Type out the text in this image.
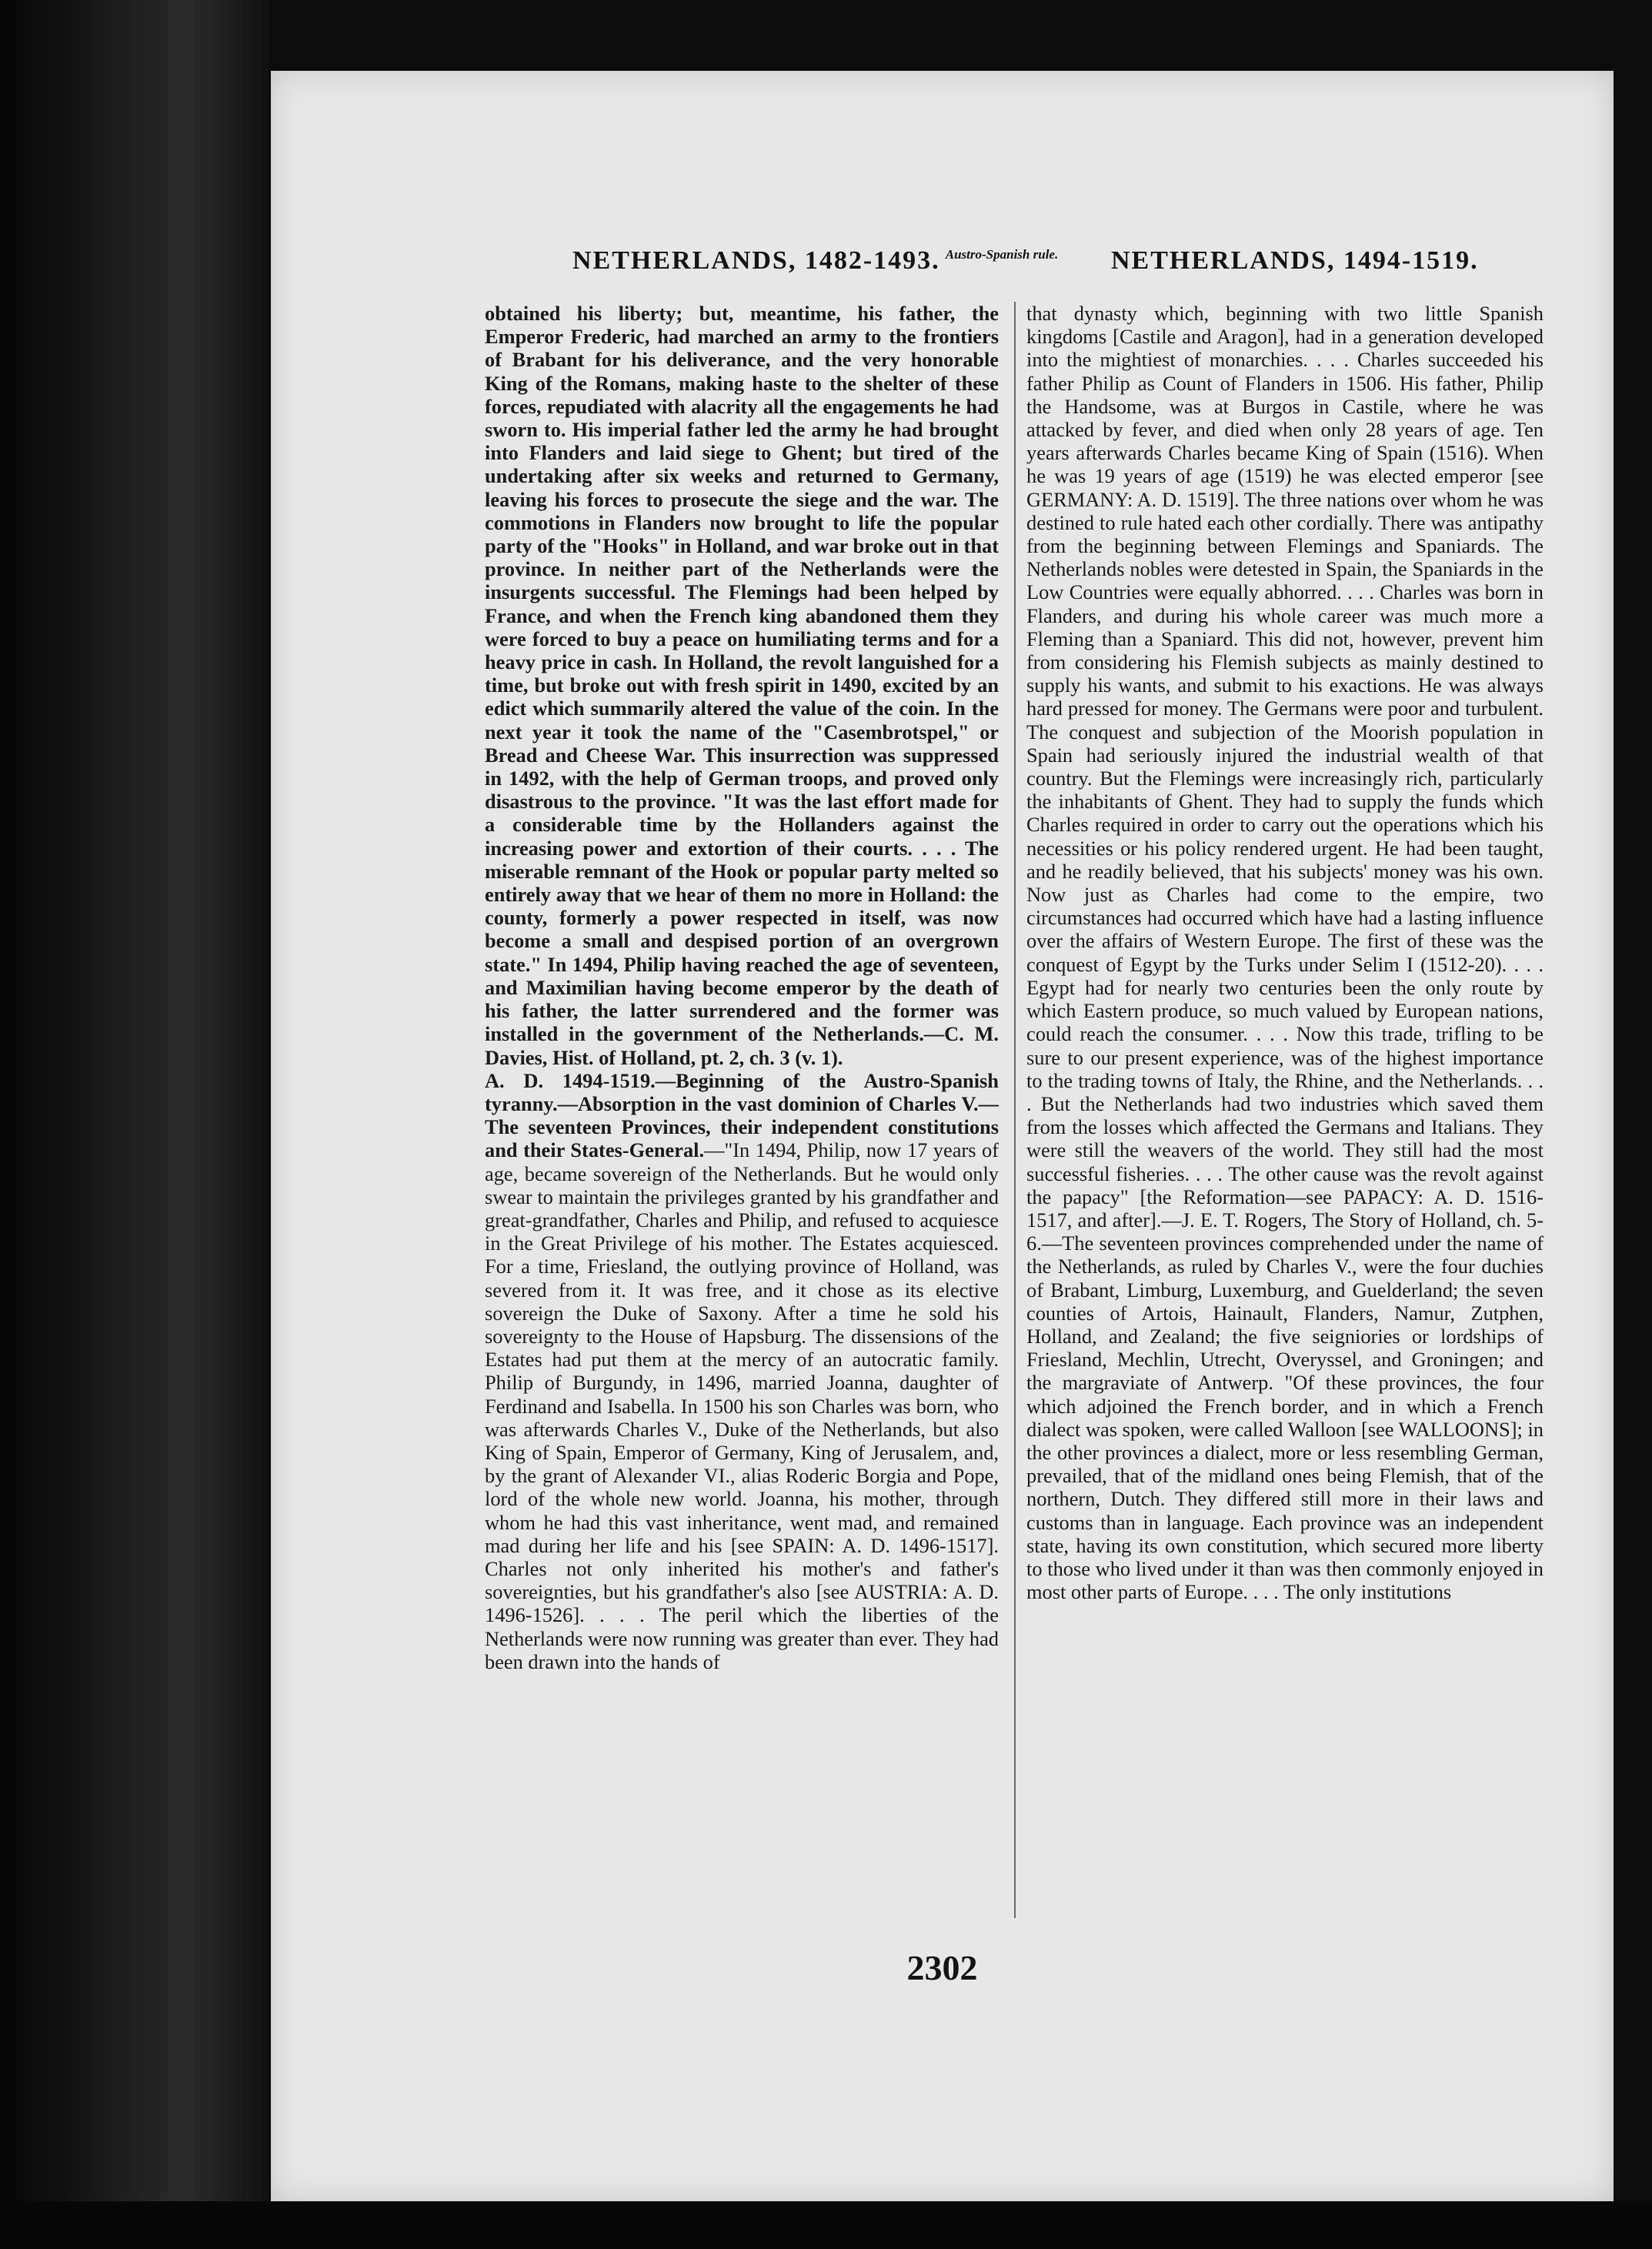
NETHERLANDS, 1482-1493. Austro-Spanish rule.	NETHERLANDS, 1494-1519.

obtained his liberty; but, meantime, his father, the Emperor Frederic, had marched an army to the frontiers of Brabant for his deliverance, and the very honorable King of the Romans, making haste to the shelter of these forces, repudiated with alacrity all the engagements he had sworn to. His imperial father led the army he had brought into Flanders and laid siege to Ghent; but tired of the undertaking after six weeks and returned to Germany, leaving his forces to prosecute the siege and the war. The commotions in Flanders now brought to life the popular party of the "Hooks" in Holland, and war broke out in that province. In neither part of the Netherlands were the insurgents successful. The Flemings had been helped by France, and when the French king abandoned them they were forced to buy a peace on humiliating terms and for a heavy price in cash. In Holland, the revolt languished for a time, but broke out with fresh spirit in 1490, excited by an edict which summarily altered the value of the coin. In the next year it took the name of the "Casembrotspel," or Bread and Cheese War. This insurrection was suppressed in 1492, with the help of German troops, and proved only disastrous to the province. "It was the last effort made for a considerable time by the Hollanders against the increasing power and extortion of their courts. . . . The miserable remnant of the Hook or popular party melted so entirely away that we hear of them no more in Holland: the county, formerly a power respected in itself, was now become a small and despised portion of an overgrown state." In 1494, Philip having reached the age of seventeen, and Maximilian having become emperor by the death of his father, the latter surrendered and the former was installed in the government of the Netherlands.—C. M. Davies, Hist. of Holland, pt. 2, ch. 3 (v. 1).

A. D. 1494-1519.—Beginning of the Austro-Spanish tyranny.—Absorption in the vast dominion of Charles V.—The seventeen Provinces, their independent constitutions and their States-General.—"In 1494, Philip, now 17 years of age, became sovereign of the Netherlands. But he would only swear to maintain the privileges granted by his grandfather and great-grandfather, Charles and Philip, and refused to acquiesce in the Great Privilege of his mother. The Estates acquiesced. For a time, Friesland, the outlying province of Holland, was severed from it. It was free, and it chose as its elective sovereign the Duke of Saxony. After a time he sold his sovereignty to the House of Hapsburg. The dissensions of the Estates had put them at the mercy of an autocratic family. Philip of Burgundy, in 1496, married Joanna, daughter of Ferdinand and Isabella. In 1500 his son Charles was born, who was afterwards Charles V., Duke of the Netherlands, but also King of Spain, Emperor of Germany, King of Jerusalem, and, by the grant of Alexander VI., alias Roderic Borgia and Pope, lord of the whole new world. Joanna, his mother, through whom he had this vast inheritance, went mad, and remained mad during her life and his [see SPAIN: A. D. 1496-1517]. Charles not only inherited his mother's and father's sovereignties, but his grandfather's also [see AUSTRIA: A. D. 1496-1526]. . . . The peril which the liberties of the Netherlands were now running was greater than ever. They had been drawn into the hands of

that dynasty which, beginning with two little Spanish kingdoms [Castile and Aragon], had in a generation developed into the mightiest of monarchies. . . . Charles succeeded his father Philip as Count of Flanders in 1506. His father, Philip the Handsome, was at Burgos in Castile, where he was attacked by fever, and died when only 28 years of age. Ten years afterwards Charles became King of Spain (1516). When he was 19 years of age (1519) he was elected emperor [see GERMANY: A. D. 1519]. The three nations over whom he was destined to rule hated each other cordially. There was antipathy from the beginning between Flemings and Spaniards. The Netherlands nobles were detested in Spain, the Spaniards in the Low Countries were equally abhorred. . . . Charles was born in Flanders, and during his whole career was much more a Fleming than a Spaniard. This did not, however, prevent him from considering his Flemish subjects as mainly destined to supply his wants, and submit to his exactions. He was always hard pressed for money. The Germans were poor and turbulent. The conquest and subjection of the Moorish population in Spain had seriously injured the industrial wealth of that country. But the Flemings were increasingly rich, particularly the inhabitants of Ghent. They had to supply the funds which Charles required in order to carry out the operations which his necessities or his policy rendered urgent. He had been taught, and he readily believed, that his subjects' money was his own. Now just as Charles had come to the empire, two circumstances had occurred which have had a lasting influence over the affairs of Western Europe. The first of these was the conquest of Egypt by the Turks under Selim I (1512-20). . . . Egypt had for nearly two centuries been the only route by which Eastern produce, so much valued by European nations, could reach the consumer. . . . Now this trade, trifling to be sure to our present experience, was of the highest importance to the trading towns of Italy, the Rhine, and the Netherlands. . . . But the Netherlands had two industries which saved them from the losses which affected the Germans and Italians. They were still the weavers of the world. They still had the most successful fisheries. . . . The other cause was the revolt against the papacy" [the Reformation—see PAPACY: A. D. 1516-1517, and after].—J. E. T. Rogers, The Story of Holland, ch. 5-6.—The seventeen provinces comprehended under the name of the Netherlands, as ruled by Charles V., were the four duchies of Brabant, Limburg, Luxemburg, and Guelderland; the seven counties of Artois, Hainault, Flanders, Namur, Zutphen, Holland, and Zealand; the five seigniories or lordships of Friesland, Mechlin, Utrecht, Overyssel, and Groningen; and the margraviate of Antwerp. "Of these provinces, the four which adjoined the French border, and in which a French dialect was spoken, were called Walloon [see WALLOONS]; in the other provinces a dialect, more or less resembling German, prevailed, that of the midland ones being Flemish, that of the northern, Dutch. They differed still more in their laws and customs than in language. Each province was an independent state, having its own constitution, which secured more liberty to those who lived under it than was then commonly enjoyed in most other parts of Europe. . . . The only institutions

2302
